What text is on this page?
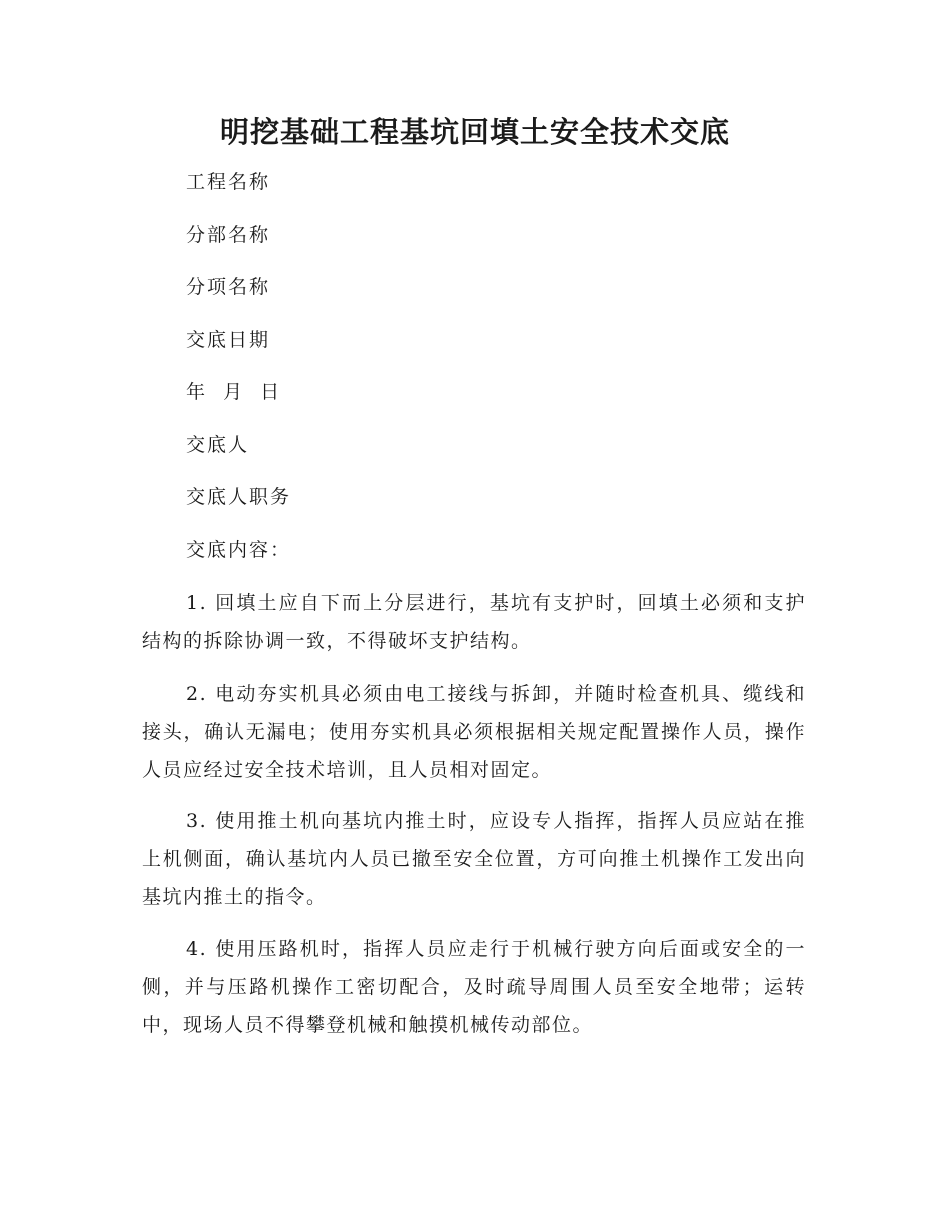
明挖基础工程基坑回填土安全技术交底

工程名称

分部名称

分项名称

交底日期

年  月  日

交底人

交底人职务

交底内容：

1. 回填土应自下而上分层进行，基坑有支护时，回填土必须和支护结构的拆除协调一致，不得破坏支护结构。

2. 电动夯实机具必须由电工接线与拆卸，并随时检查机具、缆线和接头，确认无漏电；使用夯实机具必须根据相关规定配置操作人员，操作人员应经过安全技术培训，且人员相对固定。

3. 使用推土机向基坑内推土时，应设专人指挥，指挥人员应站在推上机侧面，确认基坑内人员已撤至安全位置，方可向推土机操作工发出向基坑内推土的指令。

4. 使用压路机时，指挥人员应走行于机械行驶方向后面或安全的一侧，并与压路机操作工密切配合，及时疏导周围人员至安全地带；运转中，现场人员不得攀登机械和触摸机械传动部位。
